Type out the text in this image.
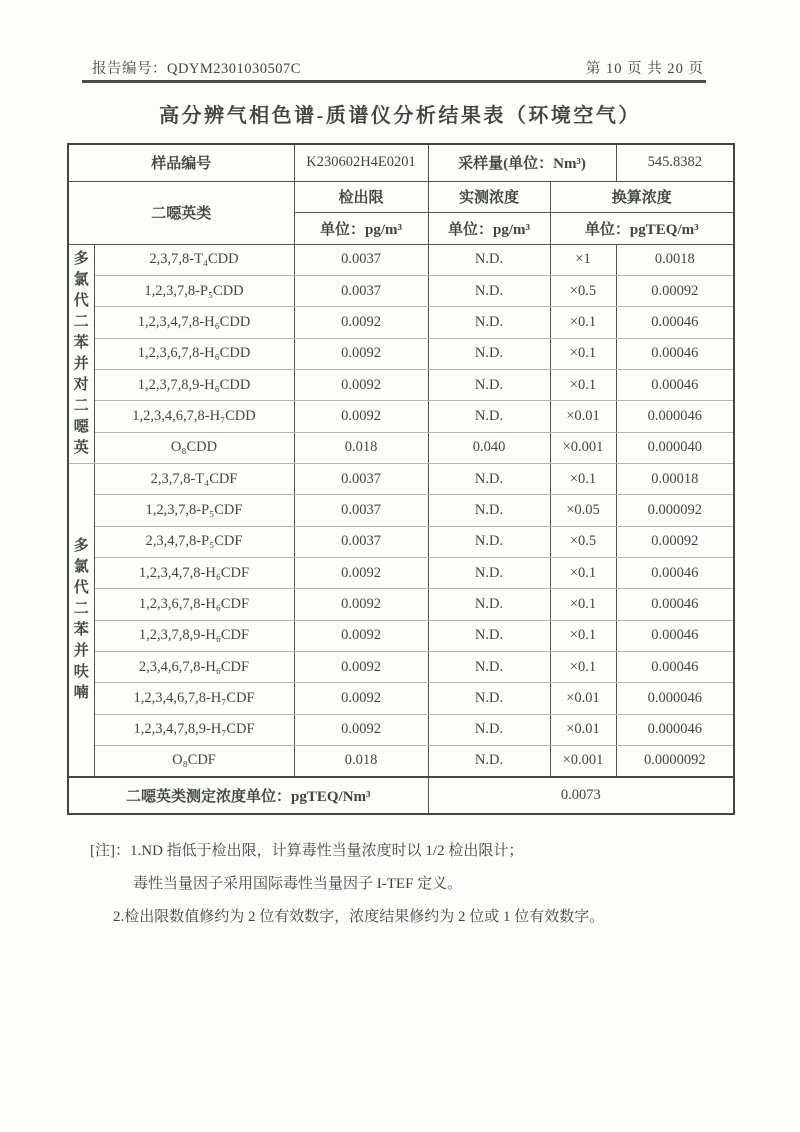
报告编号：QDYM2301030507C	第 10 页 共 20 页
高分辨气相色谱-质谱仪分析结果表（环境空气）
样品编号		K230602H4E0201	采样量(单位：Nm³)		545.8382
二噁英类		检出限	实测浓度	换算浓度	
		单位：pg/m³	单位：pg/m³	单位：pgTEQ/m³	

多
氯
代
二
苯
并
对
二
噁
英
	2,3,7,8-T₄CDD	0.0037	N.D.	×1	0.0018
	1,2,3,7,8-P₅CDD	0.0037	N.D.	×0.5	0.00092
	1,2,3,4,7,8-H₆CDD	0.0092	N.D.	×0.1	0.00046
	1,2,3,6,7,8-H₆CDD	0.0092	N.D.	×0.1	0.00046
	1,2,3,7,8,9-H₆CDD	0.0092	N.D.	×0.1	0.00046
	1,2,3,4,6,7,8-H₇CDD	0.0092	N.D.	×0.01	0.000046
	O₈CDD	0.018	0.040	×0.001	0.000040

多
氯
代
二
苯
并
呋
喃
	2,3,7,8-T₄CDF	0.0037	N.D.	×0.1	0.00018
	1,2,3,7,8-P₅CDF	0.0037	N.D.	×0.05	0.000092
	2,3,4,7,8-P₅CDF	0.0037	N.D.	×0.5	0.00092
	1,2,3,4,7,8-H₆CDF	0.0092	N.D.	×0.1	0.00046
	1,2,3,6,7,8-H₆CDF	0.0092	N.D.	×0.1	0.00046
	1,2,3,7,8,9-H₆CDF	0.0092	N.D.	×0.1	0.00046
	2,3,4,6,7,8-H₆CDF	0.0092	N.D.	×0.1	0.00046
	1,2,3,4,6,7,8-H₇CDF	0.0092	N.D.	×0.01	0.000046
	1,2,3,4,7,8,9-H₇CDF	0.0092	N.D.	×0.01	0.000046
	O₈CDF	0.018	N.D.	×0.001	0.0000092
二噁英类测定浓度单位：pgTEQ/Nm³			0.0073		
[注]：1.ND 指低于检出限，计算毒性当量浓度时以 1/2 检出限计；
毒性当量因子采用国际毒性当量因子 I-TEF 定义。
2.检出限数值修约为 2 位有效数字，浓度结果修约为 2 位或 1 位有效数字。
